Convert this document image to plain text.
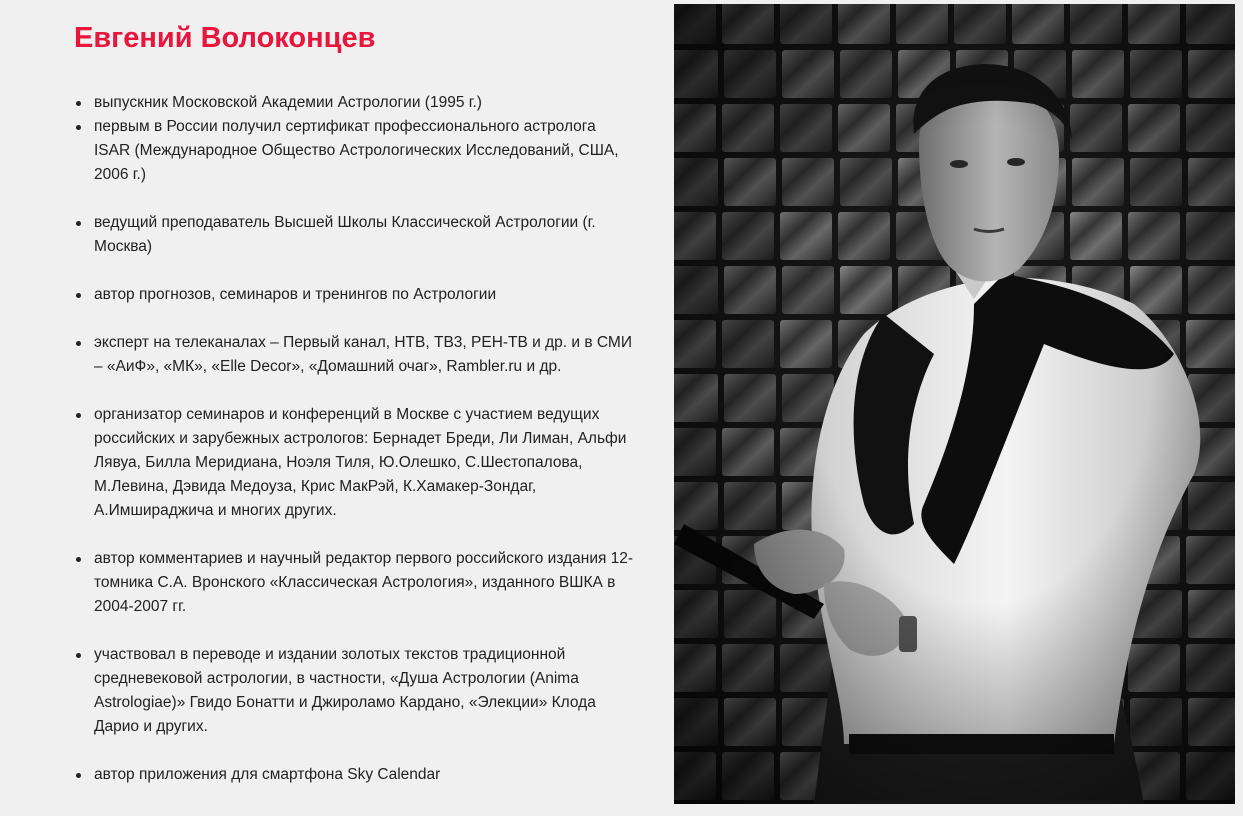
Евгений Волоконцев
выпускник Московской Академии Астрологии (1995 г.)
первым в России получил сертификат профессионального астролога ISAR (Международное Общество Астрологических Исследований, США, 2006 г.)
ведущий преподаватель Высшей Школы Классической Астрологии (г. Москва)
автор прогнозов, семинаров и тренингов по Астрологии
эксперт на телеканалах – Первый канал, НТВ, ТВ3, РЕН-ТВ и др. и в СМИ – «АиФ», «МК», «Elle Decor», «Домашний очаг», Rambler.ru и др.
организатор семинаров и конференций в Москве с участием ведущих российских и зарубежных астрологов: Бернадет Бреди, Ли Лиман, Альфи Лявуа, Билла Меридиана, Ноэля Тиля, Ю.Олешко, С.Шестопалова, М.Левина, Дэвида Медоуза, Крис МакРэй, К.Хамакер-Зондаг, А.Имшираджича и многих других.
автор комментариев и научный редактор первого российского издания 12-томника С.А. Вронского «Классическая Астрология», изданного ВШКА в 2004-2007 гг.
участвовал в переводе и издании золотых текстов традиционной средневековой астрологии, в частности, «Душа Астрологии (Anima Astrologiae)» Гвидо Бонатти и Джироламо Кардано, «Элекции» Клода Дарио и других.
автор приложения для смартфона Sky Calendar
